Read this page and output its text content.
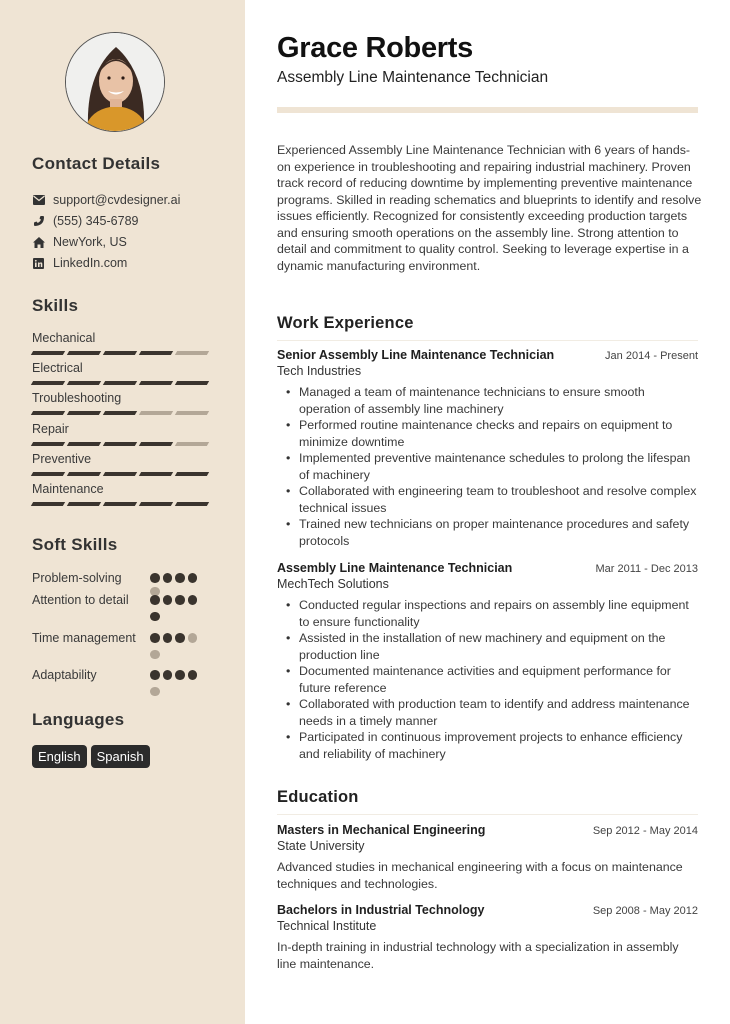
Contact Details
support@cvdesigner.ai
(555) 345-6789
NewYork, US
LinkedIn.com
Skills
Mechanical
Electrical
Troubleshooting
Repair
Preventive
Maintenance
Soft Skills
Problem-solving
Attention to detail
Time management
Adaptability
Languages
English	Spanish
Grace Roberts
Assembly Line Maintenance Technician

Experienced Assembly Line Maintenance Technician with 6 years of hands-on experience in troubleshooting and repairing industrial machinery. Proven track record of reducing downtime by implementing preventive maintenance programs. Skilled in reading schematics and blueprints to identify and resolve issues efficiently. Recognized for consistently exceeding production targets and ensuring smooth operations on the assembly line. Strong attention to detail and commitment to quality control. Seeking to leverage expertise in a dynamic manufacturing environment.

Work Experience
Senior Assembly Line Maintenance Technician	Jan 2014 - Present
Tech Industries
• Managed a team of maintenance technicians to ensure smooth operation of assembly line machinery
• Performed routine maintenance checks and repairs on equipment to minimize downtime
• Implemented preventive maintenance schedules to prolong the lifespan of machinery
• Collaborated with engineering team to troubleshoot and resolve complex technical issues
• Trained new technicians on proper maintenance procedures and safety protocols
Assembly Line Maintenance Technician	Mar 2011 - Dec 2013
MechTech Solutions
• Conducted regular inspections and repairs on assembly line equipment to ensure functionality
• Assisted in the installation of new machinery and equipment on the production line
• Documented maintenance activities and equipment performance for future reference
• Collaborated with production team to identify and address maintenance needs in a timely manner
• Participated in continuous improvement projects to enhance efficiency and reliability of machinery
Education
Masters in Mechanical Engineering	Sep 2012 - May 2014
State University

Advanced studies in mechanical engineering with a focus on maintenance techniques and technologies.

Bachelors in Industrial Technology	Sep 2008 - May 2012
Technical Institute

In-depth training in industrial technology with a specialization in assembly line maintenance.
